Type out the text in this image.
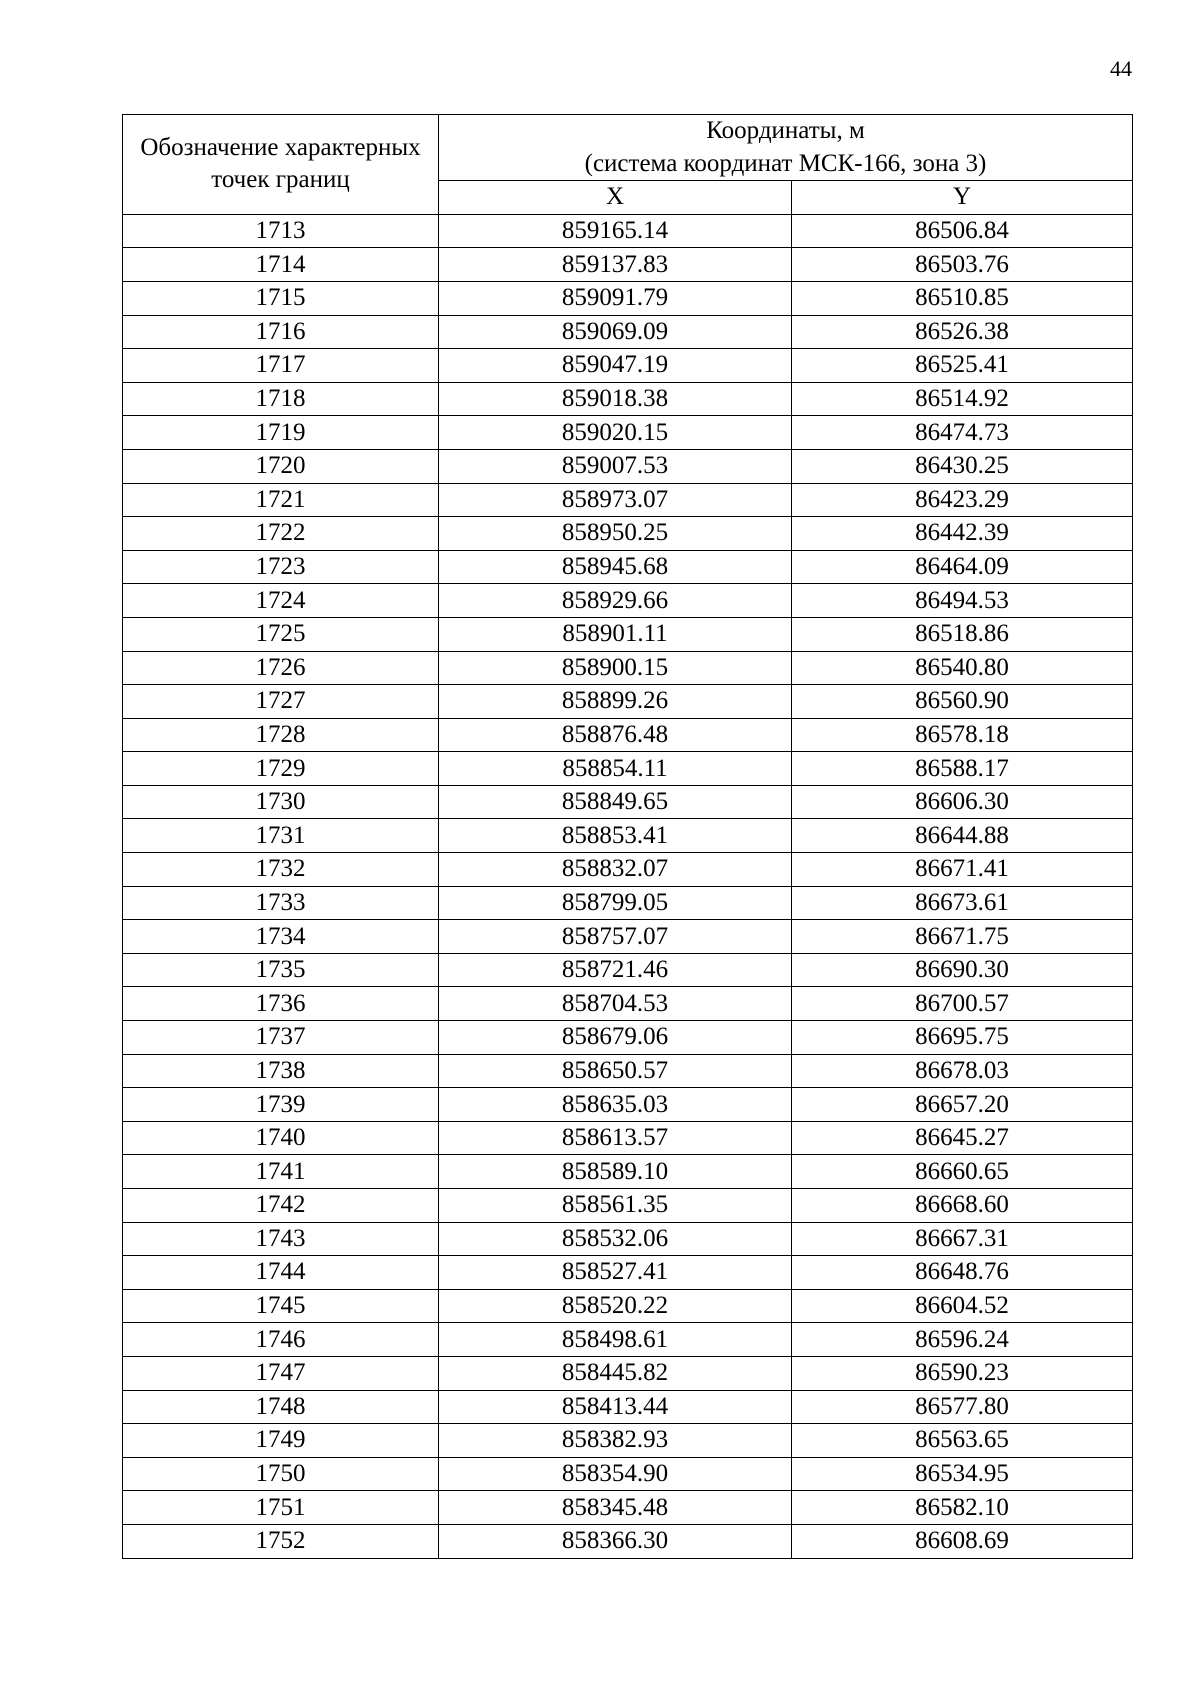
44
Обозначение характерных точек границ	Координаты, м	
	(система координат МСК-166, зона 3)	
	X	Y
1713	859165.14	86506.84
1714	859137.83	86503.76
1715	859091.79	86510.85
1716	859069.09	86526.38
1717	859047.19	86525.41
1718	859018.38	86514.92
1719	859020.15	86474.73
1720	859007.53	86430.25
1721	858973.07	86423.29
1722	858950.25	86442.39
1723	858945.68	86464.09
1724	858929.66	86494.53
1725	858901.11	86518.86
1726	858900.15	86540.80
1727	858899.26	86560.90
1728	858876.48	86578.18
1729	858854.11	86588.17
1730	858849.65	86606.30
1731	858853.41	86644.88
1732	858832.07	86671.41
1733	858799.05	86673.61
1734	858757.07	86671.75
1735	858721.46	86690.30
1736	858704.53	86700.57
1737	858679.06	86695.75
1738	858650.57	86678.03
1739	858635.03	86657.20
1740	858613.57	86645.27
1741	858589.10	86660.65
1742	858561.35	86668.60
1743	858532.06	86667.31
1744	858527.41	86648.76
1745	858520.22	86604.52
1746	858498.61	86596.24
1747	858445.82	86590.23
1748	858413.44	86577.80
1749	858382.93	86563.65
1750	858354.90	86534.95
1751	858345.48	86582.10
1752	858366.30	86608.69
